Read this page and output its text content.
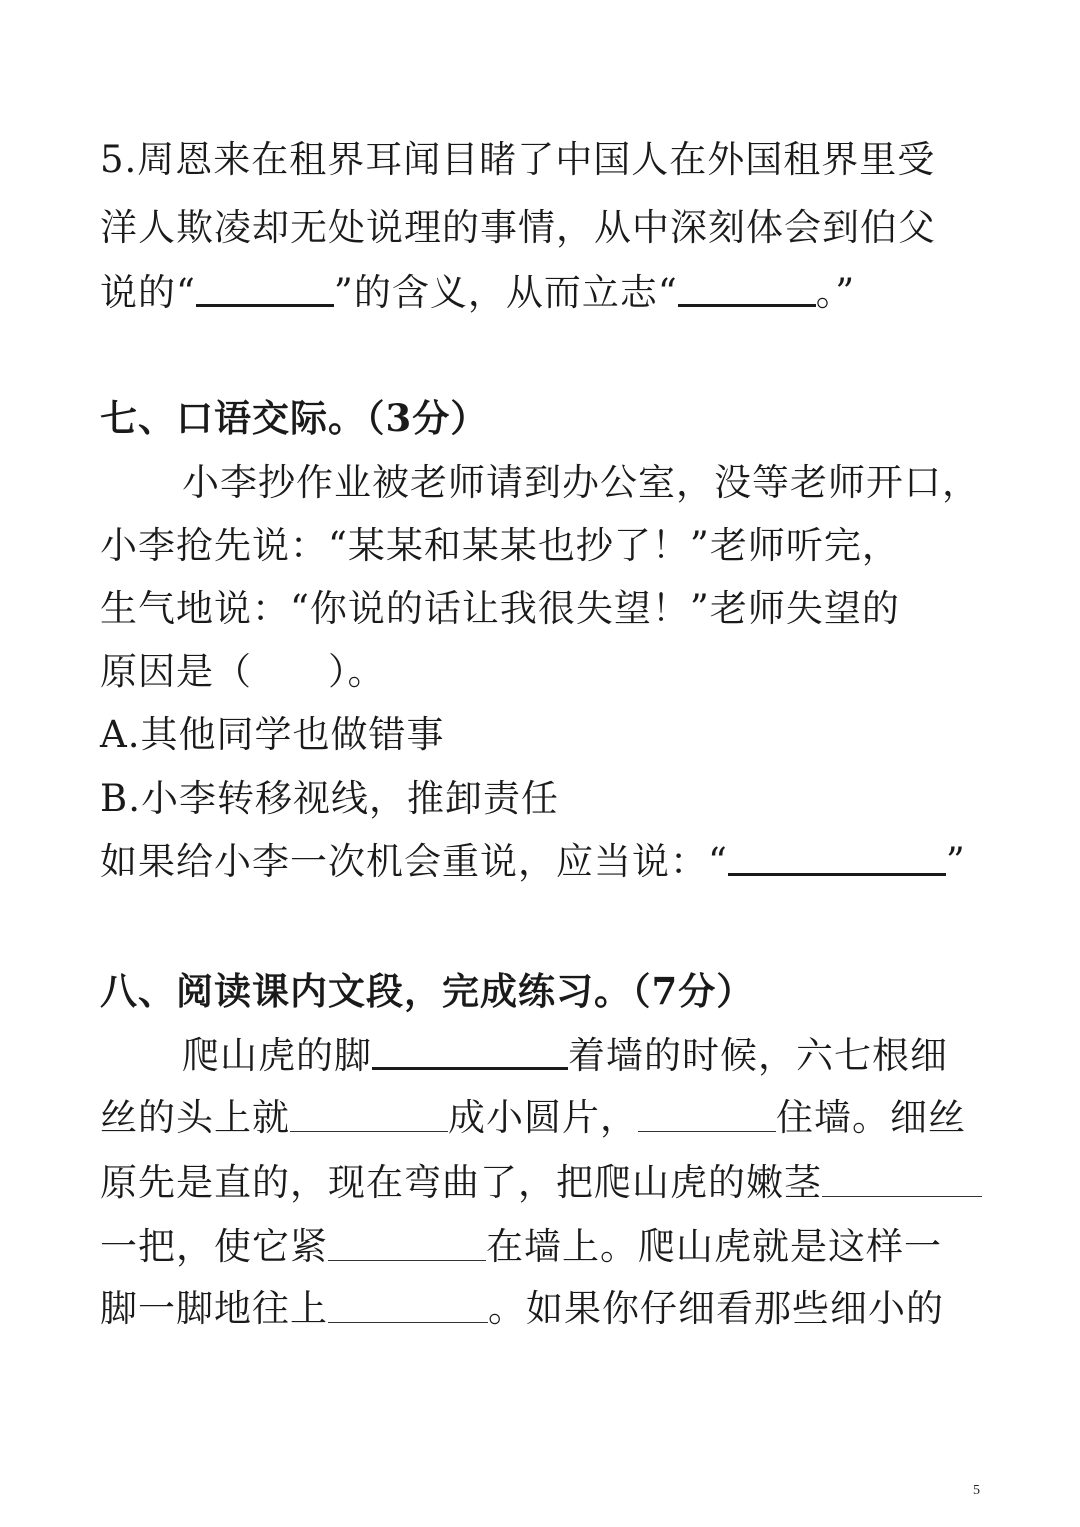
5.周恩来在租界耳闻目睹了中国人在外国租界里受
洋人欺凌却无处说理的事情，从中深刻体会到伯父
说的“	”的含义，从而立志“	。”
七、口语交际。（3分）
小李抄作业被老师请到办公室，没等老师开口，
小李抢先说：“某某和某某也抄了！”老师听完，
生气地说：“你说的话让我很失望！”老师失望的
原因是（　　）。
A.其他同学也做错事
B.小李转移视线，推卸责任
如果给小李一次机会重说，应当说：“	”
八、阅读课内文段，完成练习。（7分）
爬山虎的脚	着墙的时候，六七根细
丝的头上就	成小圆片，	住墙。细丝
原先是直的，现在弯曲了，把爬山虎的嫩茎
一把，使它紧	在墙上。爬山虎就是这样一
脚一脚地往上	。如果你仔细看那些细小的
5
